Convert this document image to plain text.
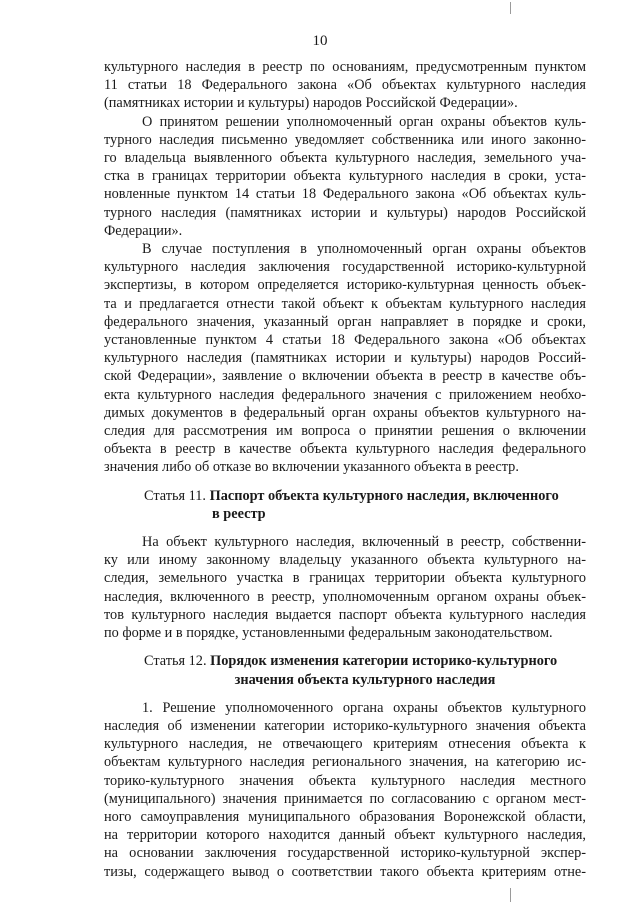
10

культурного наследия в реестр по основаниям, предусмотренным пунктом

11 статьи 18 Федерального закона «Об объектах культурного наследия

(памятниках истории и культуры) народов Российской Федерации».

О принятом решении уполномоченный орган охраны объектов куль-

турного наследия письменно уведомляет собственника или иного законно-

го владельца выявленного объекта культурного наследия, земельного уча-

стка в границах территории объекта культурного наследия в сроки, уста-

новленные пунктом 14 статьи 18 Федерального закона «Об объектах куль-

турного наследия (памятниках истории и культуры) народов Российской

Федерации».

В случае поступления в уполномоченный орган охраны объектов

культурного наследия заключения государственной историко-культурной

экспертизы, в котором определяется историко-культурная ценность объек-

та и предлагается отнести такой объект к объектам культурного наследия

федерального значения, указанный орган направляет в порядке и сроки,

установленные пунктом 4 статьи 18 Федерального закона «Об объектах

культурного наследия (памятниках истории и культуры) народов Россий-

ской Федерации», заявление о включении объекта в реестр в качестве объ-

екта культурного наследия федерального значения с приложением необхо-

димых документов в федеральный орган охраны объектов культурного на-

следия для рассмотрения им вопроса о принятии решения о включении

объекта в реестр в качестве объекта культурного наследия федерального

значения либо об отказе во включении указанного объекта в реестр.

Статья 11. Паспорт объекта культурного наследия, включенного
в реестр

На объект культурного наследия, включенный в реестр, собственни-

ку или иному законному владельцу указанного объекта культурного на-

следия, земельного участка в границах территории объекта культурного

наследия, включенного в реестр, уполномоченным органом охраны объек-

тов культурного наследия выдается паспорт объекта культурного наследия

по форме и в порядке, установленными федеральным законодательством.

Статья 12. Порядок изменения категории историко-культурного
значения объекта культурного наследия

1. Решение уполномоченного органа охраны объектов культурного

наследия об изменении категории историко-культурного значения объекта

культурного наследия, не отвечающего критериям отнесения объекта к

объектам культурного наследия регионального значения, на категорию ис-

торико-культурного значения объекта культурного наследия местного

(муниципального) значения принимается по согласованию с органом мест-

ного самоуправления муниципального образования Воронежской области,

на территории которого находится данный объект культурного наследия,

на основании заключения государственной историко-культурной экспер-

тизы, содержащего вывод о соответствии такого объекта критериям отне-
